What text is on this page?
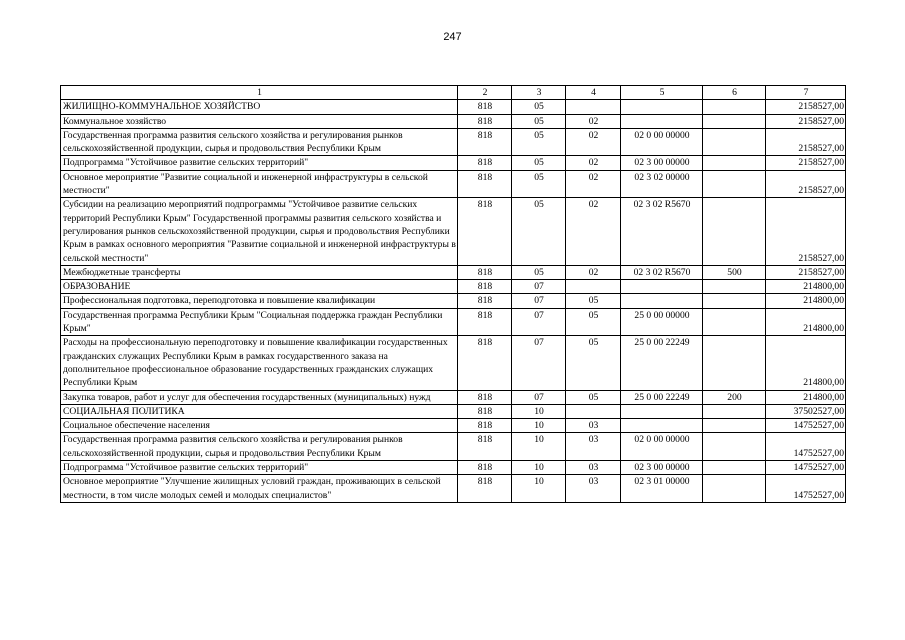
247
1	2	3	4	5	6	7
ЖИЛИЩНО-КОММУНАЛЬНОЕ ХОЗЯЙСТВО	818	05				2158527,00
Коммунальное хозяйство	818	05	02			2158527,00
Государственная программа развития сельского хозяйства и регулирования рынков сельскохозяйственной продукции, сырья и продовольствия Республики Крым	818	05	02	02 0 00 00000		2158527,00
Подпрограмма "Устойчивое развитие сельских территорий"	818	05	02	02 3 00 00000		2158527,00
Основное мероприятие "Развитие социальной и инженерной инфраструктуры в сельской местности"	818	05	02	02 3 02 00000		2158527,00
Субсидии на реализацию мероприятий подпрограммы "Устойчивое развитие сельских территорий Республики Крым" Государственной программы развития сельского хозяйства и регулирования рынков сельскохозяйственной продукции, сырья и продовольствия Республики Крым в рамках основного мероприятия "Развитие социальной и инженерной инфраструктуры в сельской местности"	818	05	02	02 3 02 R5670		2158527,00
Межбюджетные трансферты	818	05	02	02 3 02 R5670	500	2158527,00
ОБРАЗОВАНИЕ	818	07				214800,00
Профессиональная подготовка, переподготовка и повышение квалификации	818	07	05			214800,00
Государственная программа Республики Крым "Социальная поддержка граждан Республики Крым"	818	07	05	25 0 00 00000		214800,00
Расходы на профессиональную переподготовку и повышение квалификации государственных гражданских служащих Республики Крым в рамках государственного заказа на дополнительное профессиональное образование государственных гражданских служащих Республики Крым	818	07	05	25 0 00 22249		214800,00
Закупка товаров, работ и услуг для обеспечения государственных (муниципальных) нужд	818	07	05	25 0 00 22249	200	214800,00
СОЦИАЛЬНАЯ ПОЛИТИКА	818	10				37502527,00
Социальное обеспечение населения	818	10	03			14752527,00
Государственная программа развития сельского хозяйства и регулирования рынков сельскохозяйственной продукции, сырья и продовольствия Республики Крым	818	10	03	02 0 00 00000		14752527,00
Подпрограмма "Устойчивое развитие сельских территорий"	818	10	03	02 3 00 00000		14752527,00
Основное мероприятие "Улучшение жилищных условий граждан, проживающих в сельской местности, в том числе молодых семей и молодых специалистов"	818	10	03	02 3 01 00000		14752527,00
